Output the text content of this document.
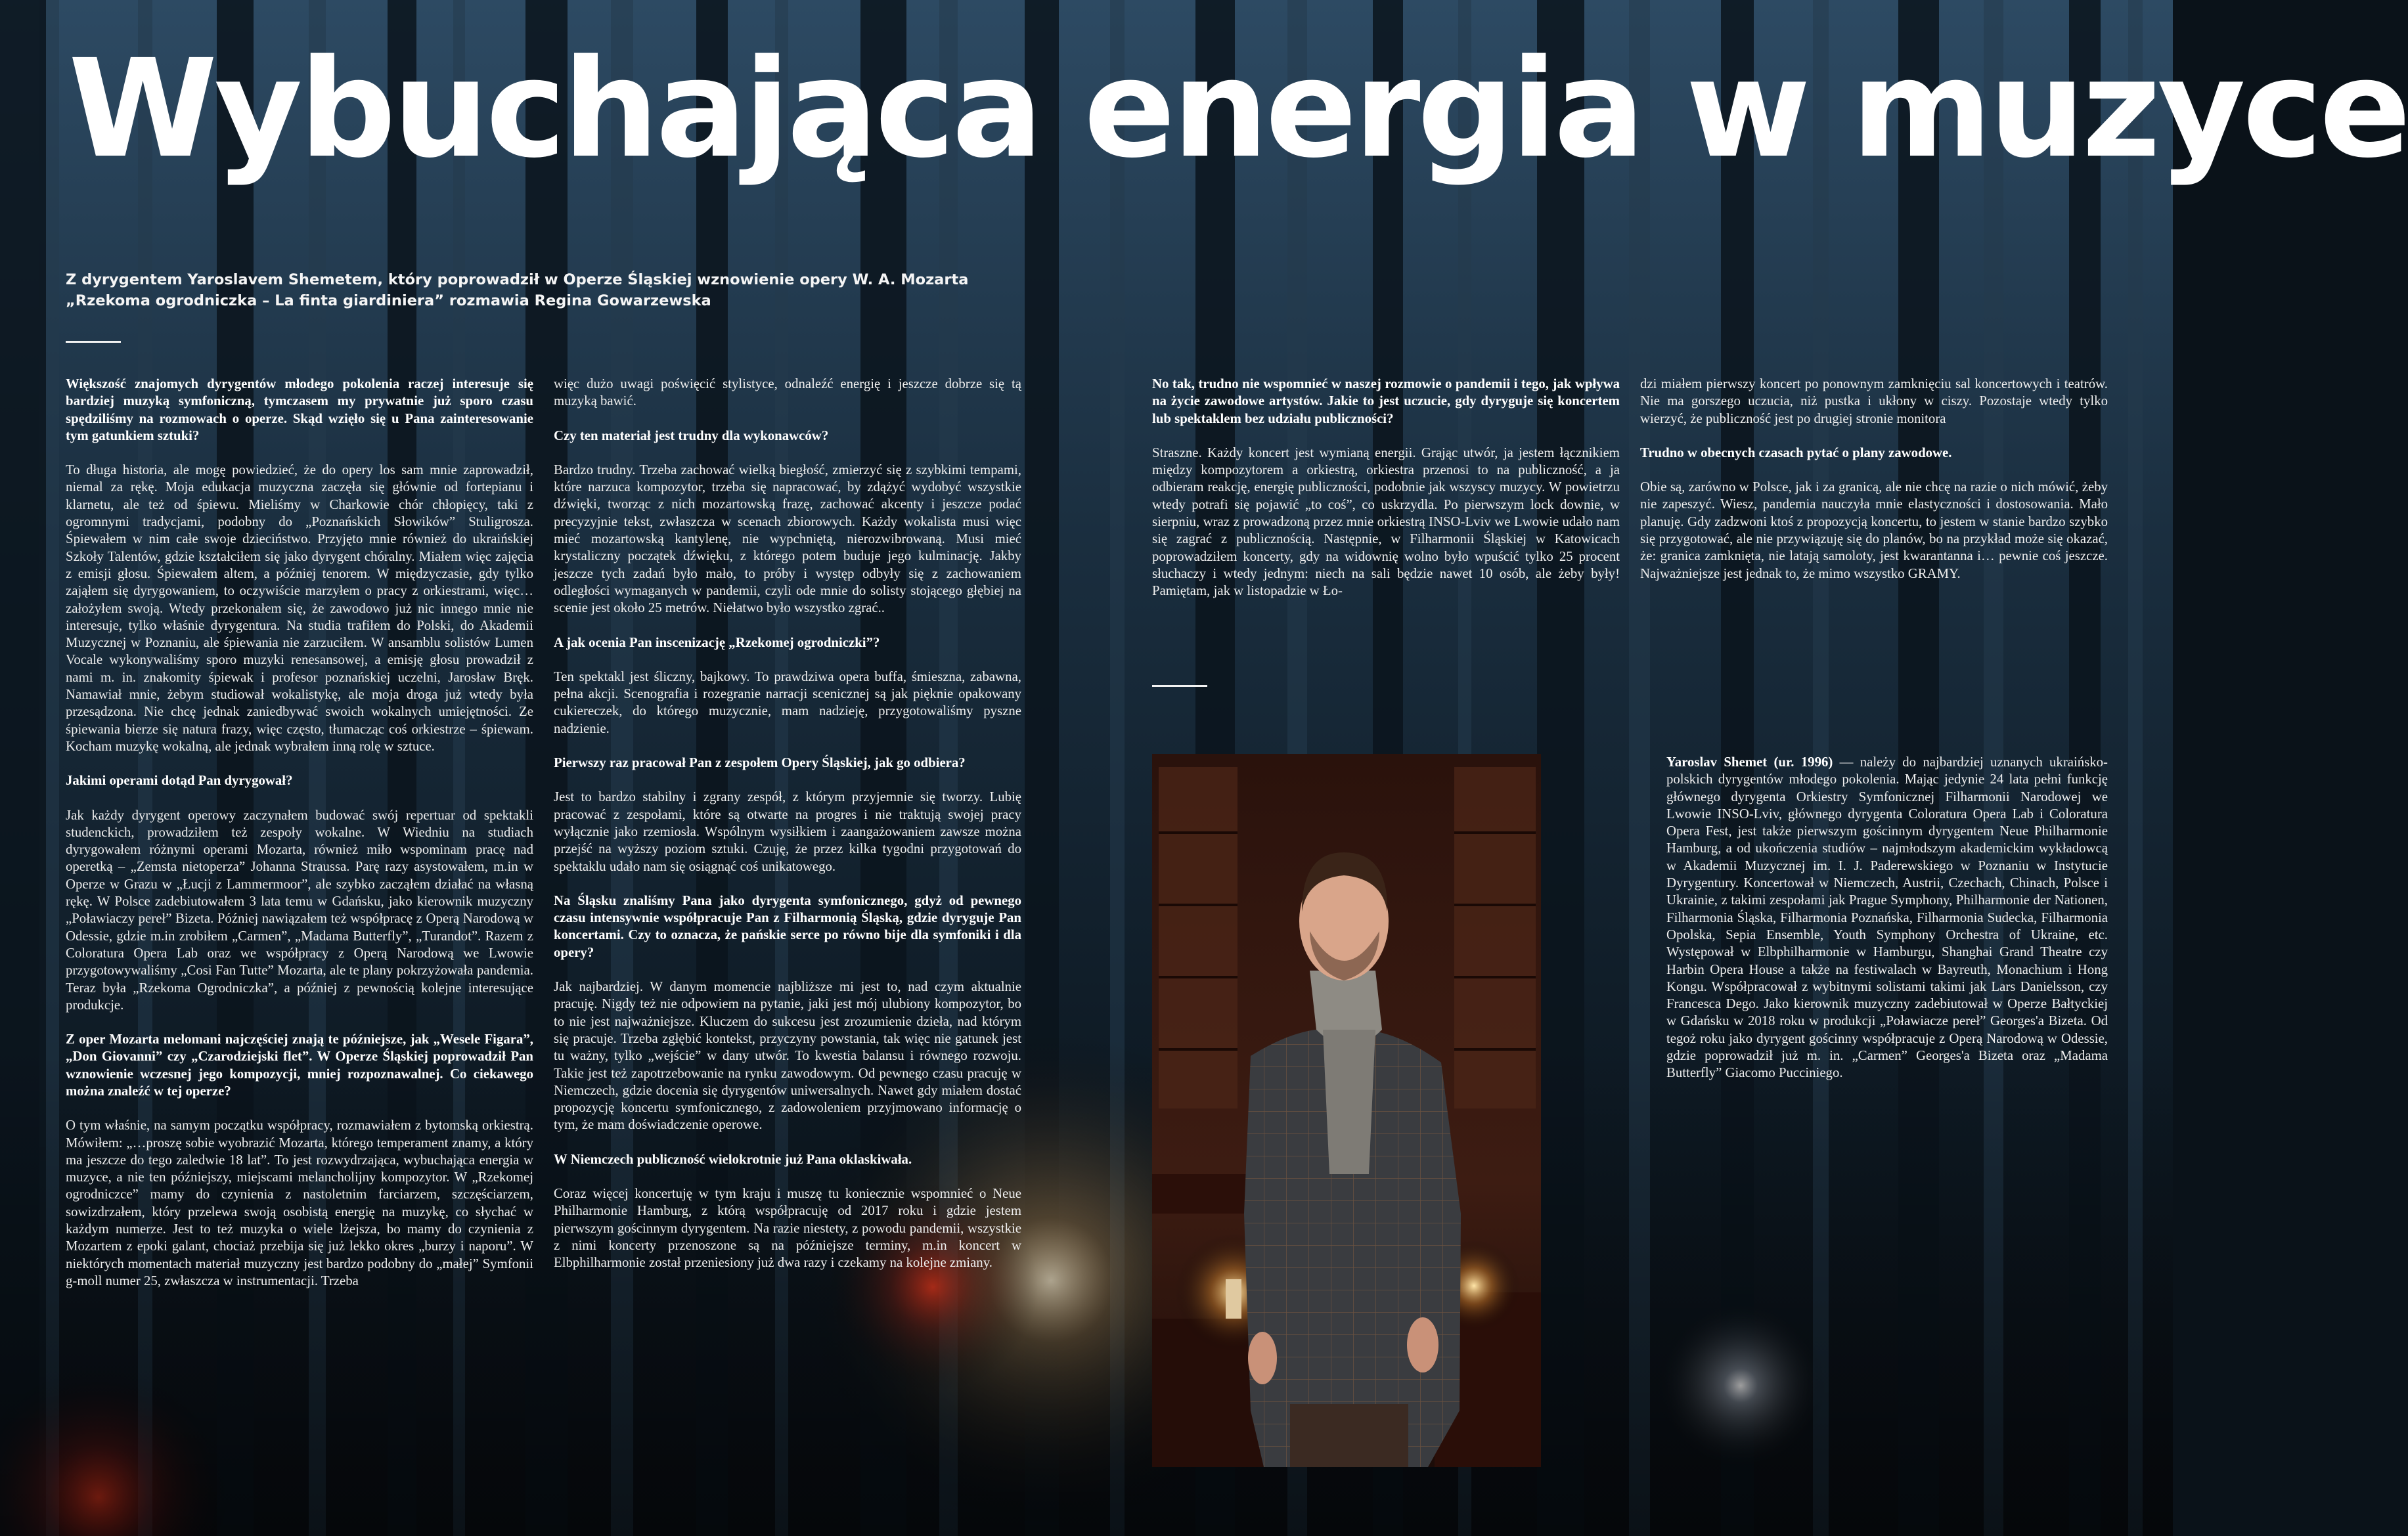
Wybuchająca energia w muzyce

Z dyrygentem Yaroslavem Shemetem, który poprowadził w Operze Śląskiej wznowienie opery W. A. Mozarta „Rzekoma ogrodniczka – La finta giardiniera” rozmawia Regina Gowarzewska

Większość znajomych dyrygentów młodego pokolenia raczej interesuje się bardziej muzyką symfoniczną, tymczasem my prywatnie już sporo czasu spędziliśmy na rozmowach o operze. Skąd wzięło się u Pana zainteresowanie tym gatunkiem sztuki?

To długa historia, ale mogę powiedzieć, że do opery los sam mnie zaprowadził, niemal za rękę. Moja edukacja muzyczna zaczęła się głównie od fortepianu i klarnetu, ale też od śpiewu. Mieliśmy w Charkowie chór chłopięcy, taki z ogromnymi tradycjami, podobny do „Poznańskich Słowików” Stuligrosza. Śpiewałem w nim całe swoje dzieciństwo. Przyjęto mnie również do ukraińskiej Szkoły Talentów, gdzie kształciłem się jako dyrygent chóralny. Miałem więc zajęcia z emisji głosu. Śpiewałem altem, a później tenorem. W międzyczasie, gdy tylko zająłem się dyrygowaniem, to oczywiście marzyłem o pracy z orkiestrami, więc… założyłem swoją. Wtedy przekonałem się, że zawodowo już nic innego mnie nie interesuje, tylko właśnie dyrygentura. Na studia trafiłem do Polski, do Akademii Muzycznej w Poznaniu, ale śpiewania nie zarzuciłem. W ansamblu solistów Lumen Vocale wykonywaliśmy sporo muzyki renesansowej, a emisję głosu prowadził z nami m. in. znakomity śpiewak i profesor poznańskiej uczelni, Jarosław Bręk. Namawiał mnie, żebym studiował wokalistykę, ale moja droga już wtedy była przesądzona. Nie chcę jednak zaniedbywać swoich wokalnych umiejętności. Ze śpiewania bierze się natura frazy, więc często, tłumacząc coś orkiestrze – śpiewam. Kocham muzykę wokalną, ale jednak wybrałem inną rolę w sztuce.

Jakimi operami dotąd Pan dyrygował?

Jak każdy dyrygent operowy zaczynałem budować swój repertuar od spektakli studenckich, prowadziłem też zespoły wokalne. W Wiedniu na studiach dyrygowałem różnymi operami Mozarta, również miło wspominam pracę nad operetką – „Zemsta nietoperza” Johanna Straussa. Parę razy asystowałem, m.in w Operze w Grazu w „Łucji z Lammermoor”, ale szybko zacząłem działać na własną rękę. W Polsce zadebiutowałem 3 lata temu w Gdańsku, jako kierownik muzyczny „Poławiaczy pereł” Bizeta. Później nawiązałem też współpracę z Operą Narodową w Odessie, gdzie m.in zrobiłem „Carmen”, „Madama Butterfly”, „Turandot”. Razem z Coloratura Opera Lab oraz we współpracy z Operą Narodową we Lwowie przygotowywaliśmy „Cosi Fan Tutte” Mozarta, ale te plany pokrzyżowała pandemia. Teraz była „Rzekoma Ogrodniczka”, a później z pewnością kolejne interesujące produkcje.

Z oper Mozarta melomani najczęściej znają te późniejsze, jak „Wesele Figara”, „Don Giovanni” czy „Czarodziejski flet”. W Operze Śląskiej poprowadził Pan wznowienie wczesnej jego kompozycji, mniej rozpoznawalnej. Co ciekawego można znaleźć w tej operze?

O tym właśnie, na samym początku współpracy, rozmawiałem z bytomską orkiestrą. Mówiłem: „…proszę sobie wyobrazić Mozarta, którego temperament znamy, a który ma jeszcze do tego zaledwie 18 lat”. To jest rozwydrzająca, wybuchająca energia w muzyce, a nie ten późniejszy, miejscami melancholijny kompozytor. W „Rzekomej ogrodniczce” mamy do czynienia z nastoletnim farciarzem, szczęściarzem, sowizdrzałem, który przelewa swoją osobistą energię na muzykę, co słychać w każdym numerze. Jest to też muzyka o wiele lżejsza, bo mamy do czynienia z Mozartem z epoki galant, chociaż przebija się już lekko okres „burzy i naporu”. W niektórych momentach materiał muzyczny jest bardzo podobny do „małej” Symfonii g-moll numer 25, zwłaszcza w instrumentacji. Trzeba

więc dużo uwagi poświęcić stylistyce, odnaleźć energię i jeszcze dobrze się tą muzyką bawić.

Czy ten materiał jest trudny dla wykonawców?

Bardzo trudny. Trzeba zachować wielką biegłość, zmierzyć się z szybkimi tempami, które narzuca kompozytor, trzeba się napracować, by zdążyć wydobyć wszystkie dźwięki, tworząc z nich mozartowską frazę, zachować akcenty i jeszcze podać precyzyjnie tekst, zwłaszcza w scenach zbiorowych. Każdy wokalista musi więc mieć mozartowską kantylenę, nie wypchniętą, nierozwibrowaną. Musi mieć krystaliczny początek dźwięku, z którego potem buduje jego kulminację. Jakby jeszcze tych zadań było mało, to próby i występ odbyły się z zachowaniem odległości wymaganych w pandemii, czyli ode mnie do solisty stojącego głębiej na scenie jest około 25 metrów. Niełatwo było wszystko zgrać..

A jak ocenia Pan inscenizację „Rzekomej ogrodniczki”?

Ten spektakl jest śliczny, bajkowy. To prawdziwa opera buffa, śmieszna, zabawna, pełna akcji. Scenografia i rozegranie narracji scenicznej są jak pięknie opakowany cukiereczek, do którego muzycznie, mam nadzieję, przygotowaliśmy pyszne nadzienie.

Pierwszy raz pracował Pan z zespołem Opery Śląskiej, jak go odbiera?

Jest to bardzo stabilny i zgrany zespół, z którym przyjemnie się tworzy. Lubię pracować z zespołami, które są otwarte na progres i nie traktują swojej pracy wyłącznie jako rzemiosła. Wspólnym wysiłkiem i zaangażowaniem zawsze można przejść na wyższy poziom sztuki. Czuję, że przez kilka tygodni przygotowań do spektaklu udało nam się osiągnąć coś unikatowego.

Na Śląsku znaliśmy Pana jako dyrygenta symfonicznego, gdyż od pewnego czasu intensywnie współpracuje Pan z Filharmonią Śląską, gdzie dyryguje Pan koncertami. Czy to oznacza, że pańskie serce po równo bije dla symfoniki i dla opery?

Jak najbardziej. W danym momencie najbliższe mi jest to, nad czym aktualnie pracuję. Nigdy też nie odpowiem na pytanie, jaki jest mój ulubiony kompozytor, bo to nie jest najważniejsze. Kluczem do sukcesu jest zrozumienie dzieła, nad którym się pracuje. Trzeba zgłębić kontekst, przyczyny powstania, tak więc nie gatunek jest tu ważny, tylko „wejście” w dany utwór. To kwestia balansu i równego rozwoju. Takie jest też zapotrzebowanie na rynku zawodowym. Od pewnego czasu pracuję w Niemczech, gdzie docenia się dyrygentów uniwersalnych. Nawet gdy miałem dostać propozycję koncertu symfonicznego, z zadowoleniem przyjmowano informację o tym, że mam doświadczenie operowe.

W Niemczech publiczność wielokrotnie już Pana oklaskiwała.

Coraz więcej koncertuję w tym kraju i muszę tu koniecznie wspomnieć o Neue Philharmonie Hamburg, z którą współpracuję od 2017 roku i gdzie jestem pierwszym gościnnym dyrygentem. Na razie niestety, z powodu pandemii, wszystkie z nimi koncerty przenoszone są na późniejsze terminy, m.in koncert w Elbphilharmonie został przeniesiony już dwa razy i czekamy na kolejne zmiany.

No tak, trudno nie wspomnieć w naszej rozmowie o pandemii i tego, jak wpływa na życie zawodowe artystów. Jakie to jest uczucie, gdy dyryguje się koncertem lub spektaklem bez udziału publiczności?

Straszne. Każdy koncert jest wymianą energii. Grając utwór, ja jestem łącznikiem między kompozytorem a orkiestrą, orkiestra przenosi to na publiczność, a ja odbieram reakcję, energię publiczności, podobnie jak wszyscy muzycy. W powietrzu wtedy potrafi się pojawić „to coś”, co uskrzydla. Po pierwszym lock downie, w sierpniu, wraz z prowadzoną przez mnie orkiestrą INSO-Lviv we Lwowie udało nam się zagrać z publicznością. Następnie, w Filharmonii Śląskiej w Katowicach poprowadziłem koncerty, gdy na widownię wolno było wpuścić tylko 25 procent słuchaczy i wtedy jednym: niech na sali będzie nawet 10 osób, ale żeby były! Pamiętam, jak w listopadzie w Ło-

dzi miałem pierwszy koncert po ponownym zamknięciu sal koncertowych i teatrów. Nie ma gorszego uczucia, niż pustka i ukłony w ciszy. Pozostaje wtedy tylko wierzyć, że publiczność jest po drugiej stronie monitora

Trudno w obecnych czasach pytać o plany zawodowe.

Obie są, zarówno w Polsce, jak i za granicą, ale nie chcę na razie o nich mówić, żeby nie zapeszyć. Wiesz, pandemia nauczyła mnie elastyczności i dostosowania. Mało planuję. Gdy zadzwoni ktoś z propozycją koncertu, to jestem w stanie bardzo szybko się przygotować, ale nie przywiązuję się do planów, bo na przykład może się okazać, że: granica zamknięta, nie latają samoloty, jest kwarantanna i… pewnie coś jeszcze. Najważniejsze jest jednak to, że mimo wszystko GRAMY.

Yaroslav Shemet (ur. 1996) — należy do najbardziej uznanych ukraińsko-polskich dyrygentów młodego pokolenia. Mając jedynie 24 lata pełni funkcję głównego dyrygenta Orkiestry Symfonicznej Filharmonii Narodowej we Lwowie INSO-Lviv, głównego dyrygenta Coloratura Opera Lab i Coloratura Opera Fest, jest także pierwszym gościnnym dyrygentem Neue Philharmonie Hamburg, a od ukończenia studiów – najmłodszym akademickim wykładowcą w Akademii Muzycznej im. I. J. Paderewskiego w Poznaniu w Instytucie Dyrygentury. Koncertował w Niemczech, Austrii, Czechach, Chinach, Polsce i Ukrainie, z takimi zespołami jak Prague Symphony, Philharmonie der Nationen, Filharmonia Śląska, Filharmonia Poznańska, Filharmonia Sudecka, Filharmonia Opolska, Sepia Ensemble, Youth Symphony Orchestra of Ukraine, etc. Występował w Elbphilharmonie w Hamburgu, Shanghai Grand Theatre czy Harbin Opera House a także na festiwalach w Bayreuth, Monachium i Hong Kongu. Współpracował z wybitnymi solistami takimi jak Lars Danielsson, czy Francesca Dego. Jako kierownik muzyczny zadebiutował w Operze Bałtyckiej w Gdańsku w 2018 roku w produkcji „Poławiacze pereł” Georges'a Bizeta. Od tegoż roku jako dyrygent gościnny współpracuje z Operą Narodową w Odessie, gdzie poprowadził już m. in. „Carmen” Georges'a Bizeta oraz „Madama Butterfly” Giacomo Pucciniego.
